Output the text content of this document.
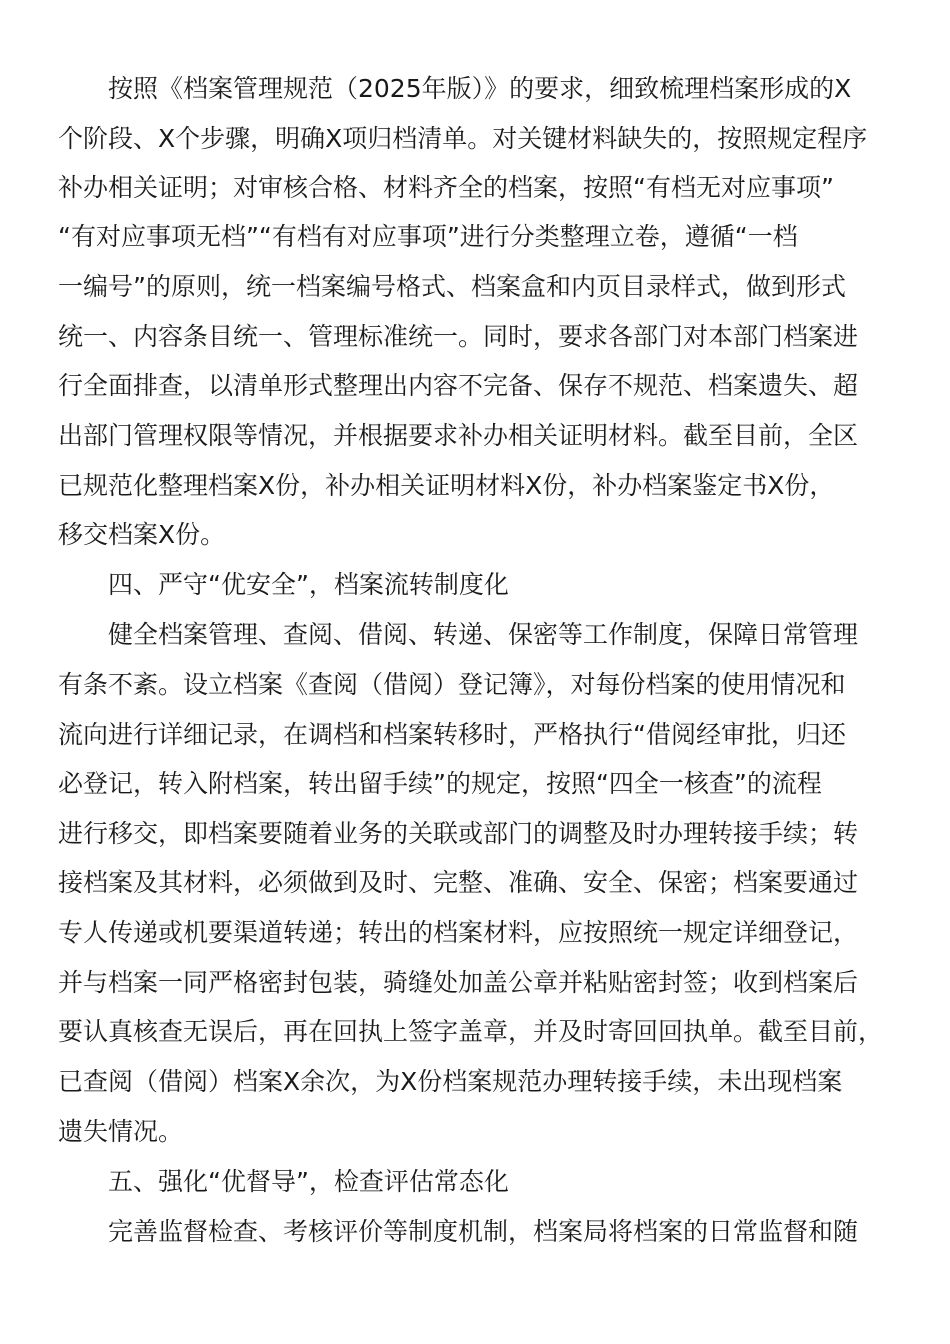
按照《档案管理规范（2025年版）》的要求，细致梳理档案形成的X
个阶段、X个步骤，明确X项归档清单。对关键材料缺失的，按照规定程序
补办相关证明；对审核合格、材料齐全的档案，按照“有档无对应事项”
“有对应事项无档”“有档有对应事项”进行分类整理立卷，遵循“一档
一编号”的原则，统一档案编号格式、档案盒和内页目录样式，做到形式
统一、内容条目统一、管理标准统一。同时，要求各部门对本部门档案进
行全面排查，以清单形式整理出内容不完备、保存不规范、档案遗失、超
出部门管理权限等情况，并根据要求补办相关证明材料。截至目前，全区
已规范化整理档案X份，补办相关证明材料X份，补办档案鉴定书X份，
移交档案X份。
四、严守“优安全”，档案流转制度化
健全档案管理、查阅、借阅、转递、保密等工作制度，保障日常管理
有条不紊。设立档案《查阅（借阅）登记簿》，对每份档案的使用情况和
流向进行详细记录，在调档和档案转移时，严格执行“借阅经审批，归还
必登记，转入附档案，转出留手续”的规定，按照“四全一核查”的流程
进行移交，即档案要随着业务的关联或部门的调整及时办理转接手续；转
接档案及其材料，必须做到及时、完整、准确、安全、保密；档案要通过
专人传递或机要渠道转递；转出的档案材料，应按照统一规定详细登记，
并与档案一同严格密封包装，骑缝处加盖公章并粘贴密封签；收到档案后
要认真核查无误后，再在回执上签字盖章，并及时寄回回执单。截至目前，
已查阅（借阅）档案X余次，为X份档案规范办理转接手续，未出现档案
遗失情况。
五、强化“优督导”，检查评估常态化
完善监督检查、考核评价等制度机制，档案局将档案的日常监督和随
